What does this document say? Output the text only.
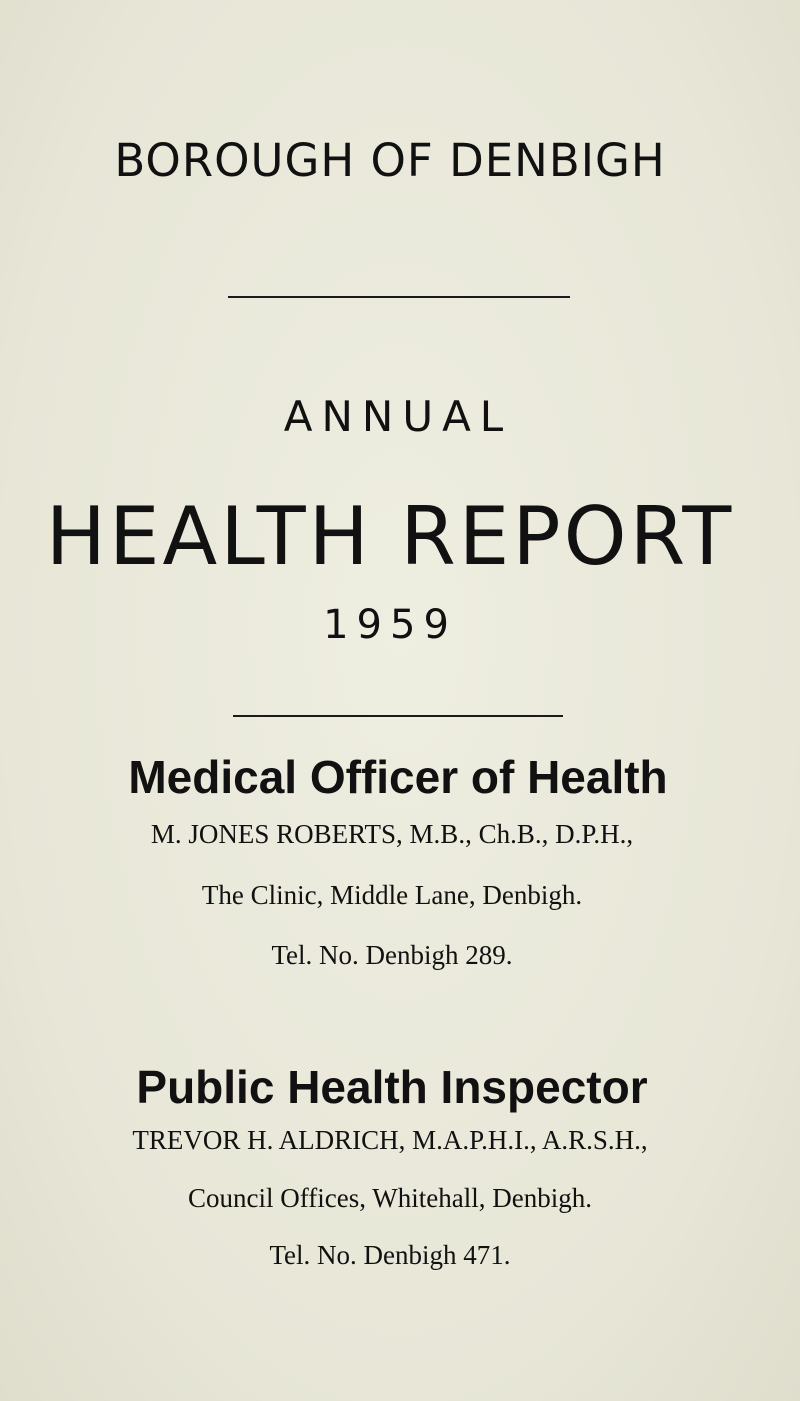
BOROUGH OF DENBIGH
ANNUAL
HEALTH REPORT
1959
Medical Officer of Health
M. JONES ROBERTS, M.B., Ch.B., D.P.H.,
The Clinic, Middle Lane, Denbigh.
Tel. No. Denbigh 289.
Public Health Inspector
TREVOR H. ALDRICH, M.A.P.H.I., A.R.S.H.,
Council Offices, Whitehall, Denbigh.
Tel. No. Denbigh 471.
